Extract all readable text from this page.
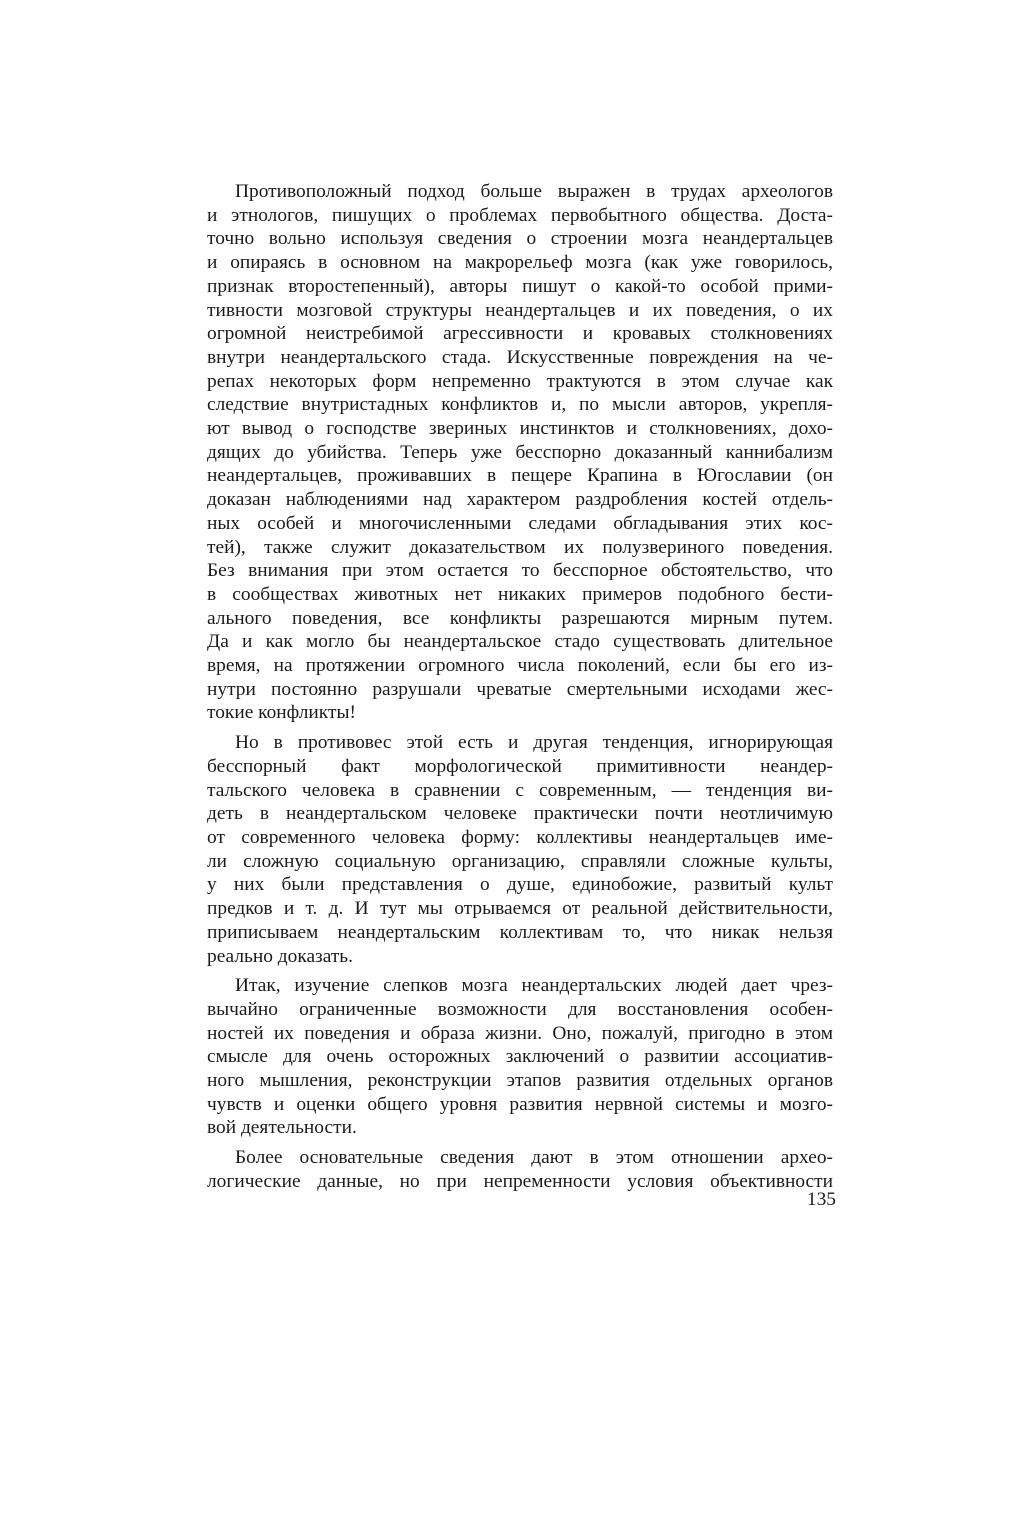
Противоположный подход больше выражен в трудах археологов
и этнологов, пишущих о проблемах первобытного общества. Доста-
точно вольно используя сведения о строении мозга неандертальцев
и опираясь в основном на макрорельеф мозга (как уже говорилось,
признак второстепенный), авторы пишут о какой-то особой прими-
тивности мозговой структуры неандертальцев и их поведения, о их
огромной неистребимой агрессивности и кровавых столкновениях
внутри неандертальского стада. Искусственные повреждения на че-
репах некоторых форм непременно трактуются в этом случае как
следствие внутристадных конфликтов и, по мысли авторов, укрепля-
ют вывод о господстве звериных инстинктов и столкновениях, дохо-
дящих до убийства. Теперь уже бесспорно доказанный каннибализм
неандертальцев, проживавших в пещере Крапина в Югославии (он
доказан наблюдениями над характером раздробления костей отдель-
ных особей и многочисленными следами обгладывания этих кос-
тей), также служит доказательством их полузвериного поведения.
Без внимания при этом остается то бесспорное обстоятельство, что
в сообществах животных нет никаких примеров подобного бести-
ального поведения, все конфликты разрешаются мирным путем.
Да и как могло бы неандертальское стадо существовать длительное
время, на протяжении огромного числа поколений, если бы его из-
нутри постоянно разрушали чреватые смертельными исходами жес-
токие конфликты!

Но в противовес этой есть и другая тенденция, игнорирующая
бесспорный факт морфологической примитивности неандер-
тальского человека в сравнении с современным, — тенденция ви-
деть в неандертальском человеке практически почти неотличимую
от современного человека форму: коллективы неандертальцев име-
ли сложную социальную организацию, справляли сложные культы,
у них были представления о душе, единобожие, развитый культ
предков и т. д. И тут мы отрываемся от реальной действительности,
приписываем неандертальским коллективам то, что никак нельзя
реально доказать.

Итак, изучение слепков мозга неандертальских людей дает чрез-
вычайно ограниченные возможности для восстановления особен-
ностей их поведения и образа жизни. Оно, пожалуй, пригодно в этом
смысле для очень осторожных заключений о развитии ассоциатив-
ного мышления, реконструкции этапов развития отдельных органов
чувств и оценки общего уровня развития нервной системы и мозго-
вой деятельности.

Более основательные сведения дают в этом отношении архео-
логические данные, но при непременности условия объективности

135
